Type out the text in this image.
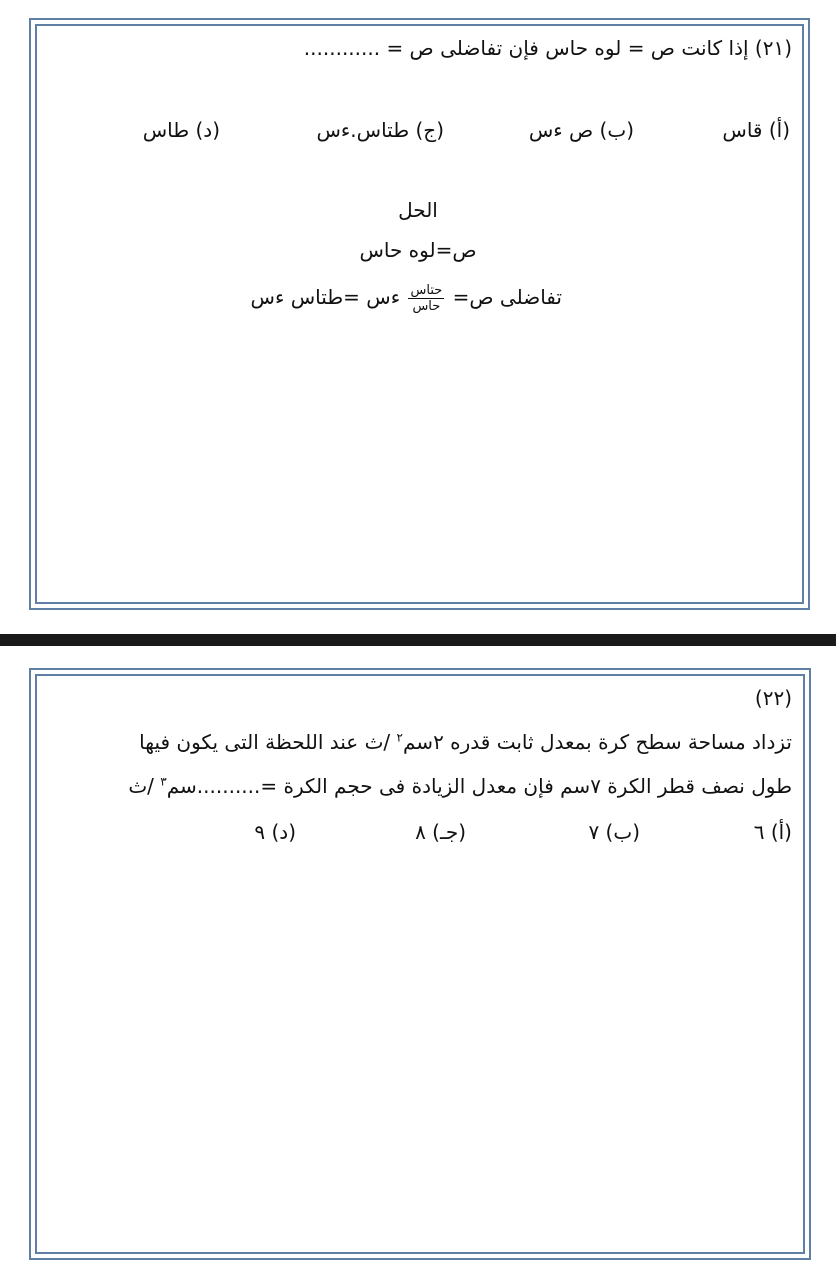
(٢١) إذا كانت ص = لوه حاس فإن تفاضلى ص = ............
(أ) قاس
(ب) ص ءس
(ج) طتاس.ءس
(د) طاس
الحل
ص=لوه حاس
تفاضلى ص=
$\frac{\text{حتاس}}{\text{حاس}}$
ءس =طتاس ءس
(٢٢)
تزداد مساحة سطح كرة بمعدل ثابت قدره ٢سم$^٢$ /ث عند اللحظة التى يكون فيها
طول نصف قطر الكرة ٧سم فإن معدل الزيادة فى حجم الكرة =..........سم$^٣$ /ث
(أ) ٦
(ب) ٧
(جـ) ٨
(د) ٩
